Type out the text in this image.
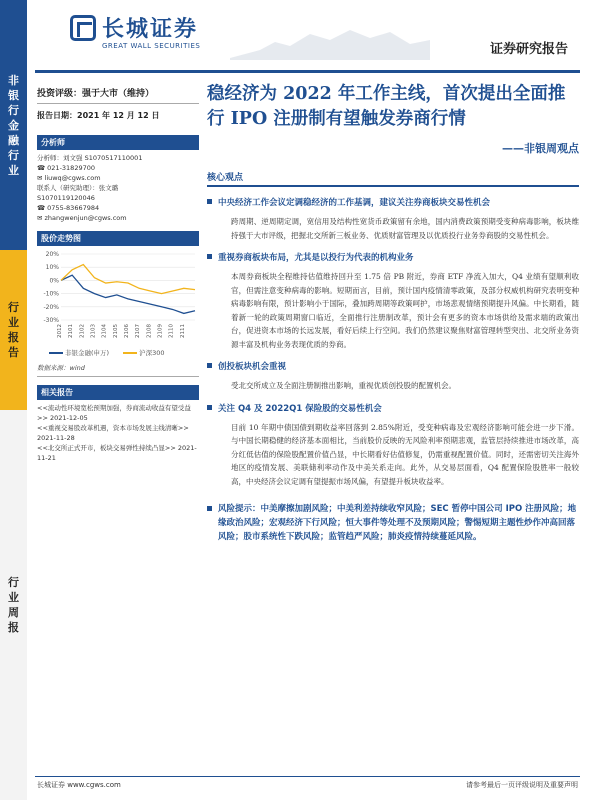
非
银
行
金
融
行
业
行
业
报
告
行
业
周
报
长城证券
GREAT WALL SECURITIES	证券研究报告
投资评级：强于大市（维持）
报告日期：2021 年 12 月 12 日
分析师
分析师：刘文强 S1070517110001
☎ 021-31829700
✉ liuwq@cgws.com
联系人（研究助理）：张文璐
S1070119120046
☎ 0755-83667984
✉ zhangwenjun@cgws.com
股价走势图
20%
10%
0%
-10%
-20%
-30%
2012 2101 2102 2103 2104 2105 2106 2107 2108 2109 2110 2111
非银金融(申万)	沪深300
数据来源：wind
相关报告
<<流动性环境宽松预期加强，券商流动收益有望受益>> 2021-12-05
<<重视交易股改革机遇，资本市场发展主线清晰>> 2021-11-28
<<北交所正式开市，板块交易弹性持续凸显>> 2021-11-21
稳经济为 2022 年工作主线，首次提出全面推行 IPO 注册制有望触发券商行情
——非银周观点
核心观点
中央经济工作会议定调稳经济的工作基调，建议关注券商板块交易性机会
跨周期、逆周期定调，宽信用及结构性宽货币政策留有余地，国内消费政策预期受变种病毒影响，板块维持强于大市评级，把握北交所新三板业务、优质财富管理及以优质投行业务券商股的交易性机会。
重视券商板块布局，尤其是以投行为代表的机构业务
本周券商板块全程维持估值维持回升至 1.75 倍 PB 附近，券商 ETF 净流入加大，Q4 业绩有望顺利收官，但需注意变种病毒的影响。短期而言，目前，预计国内疫情清零政策，及部分权威机构研究表明变种病毒影响有限，预计影响小于国际，叠加跨周期等政策呵护，市场悲观情绪预期提升风偏。中长期看，随着新一轮的政策周期窗口临近，全面推行注册制改革，预计会有更多的资本市场供给及需求端的政策出台，促进资本市场的长远发展，看好后续上行空间。我们仍然建议聚焦财富管理转型突出、北交所业务资源丰富及机构业务表现优质的券商。
创投板块机会重视
受北交所成立及全面注册制推出影响，重视优质创投股的配置机会。
关注 Q4 及 2022Q1 保险股的交易性机会
目前 10 年期中债国债到期收益率回落到 2.85%附近，受变种病毒及宏观经济影响可能会进一步下滑。与中国长期稳健的经济基本面相比，当前股价反映的无风险利率预期悲观，监管层持续推进市场改革，高分红低估值的保险股配置价值凸显，中长期看好估值修复，仍需重视配置价值。同时，还需密切关注海外地区的疫情发展、美联储利率动作及中美关系走向。此外，从交易层面看，Q4 配置保险股胜率一般较高，中央经济会议定调有望提振市场风偏，有望提升板块收益率。
风险提示：中美摩擦加剧风险；中美利差持续收窄风险；SEC 暂停中国公司 IPO 注册风险；地缘政治风险；宏观经济下行风险；恒大事件等处理不及预期风险；警惕短期主题性炒作冲高回落风险；股市系统性下跌风险；监管趋严风险；肺炎疫情持续蔓延风险。
长城证券 www.cgws.com	请参考最后一页评级说明及重要声明
